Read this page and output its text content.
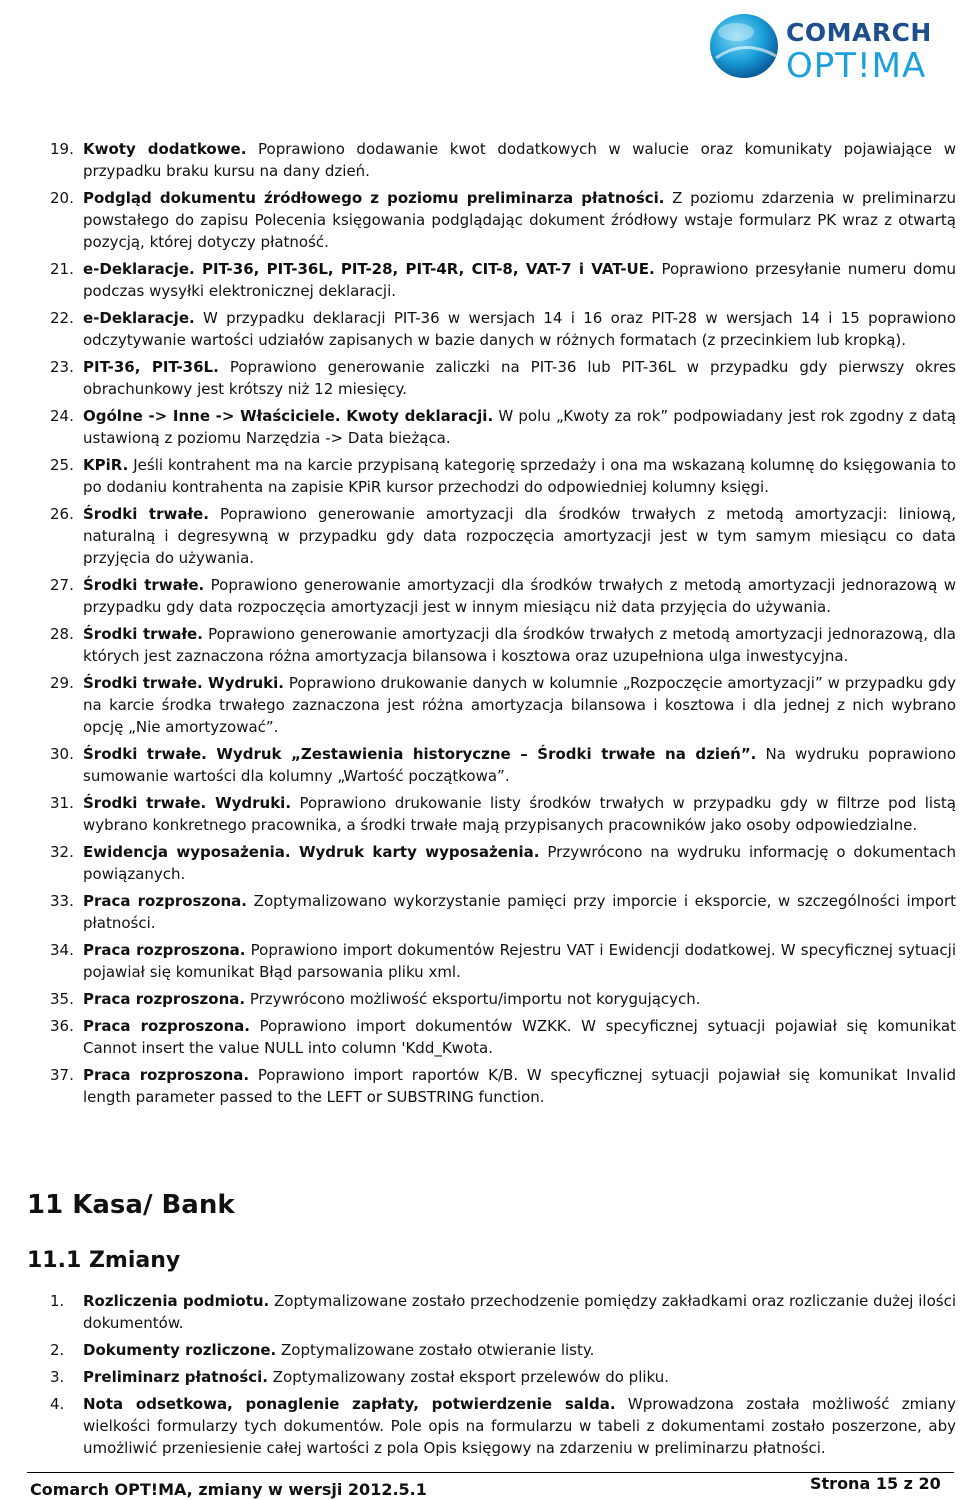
COMARCH
OPT!MA
19. Kwoty dodatkowe. Poprawiono dodawanie kwot dodatkowych w walucie oraz komunikaty pojawiające w przypadku braku kursu na dany dzień.
20. Podgląd dokumentu źródłowego z poziomu preliminarza płatności. Z poziomu zdarzenia w preliminarzu powstałego do zapisu Polecenia księgowania podglądając dokument źródłowy wstaje formularz PK wraz z otwartą pozycją, której dotyczy płatność.
21. e-Deklaracje. PIT-36, PIT-36L, PIT-28, PIT-4R, CIT-8, VAT-7 i VAT-UE. Poprawiono przesyłanie numeru domu podczas wysyłki elektronicznej deklaracji.
22. e-Deklaracje. W przypadku deklaracji PIT-36 w wersjach 14 i 16 oraz PIT-28 w wersjach 14 i 15 poprawiono odczytywanie wartości udziałów zapisanych w bazie danych w różnych formatach (z przecinkiem lub kropką).
23. PIT-36, PIT-36L. Poprawiono generowanie zaliczki na PIT-36 lub PIT-36L w przypadku gdy pierwszy okres obrachunkowy jest krótszy niż 12 miesięcy.
24. Ogólne -> Inne -> Właściciele. Kwoty deklaracji. W polu „Kwoty za rok” podpowiadany jest rok zgodny z datą ustawioną z poziomu Narzędzia -> Data bieżąca.
25. KPiR. Jeśli kontrahent ma na karcie przypisaną kategorię sprzedaży i ona ma wskazaną kolumnę do księgowania to po dodaniu kontrahenta na zapisie KPiR kursor przechodzi do odpowiedniej kolumny księgi.
26. Środki trwałe. Poprawiono generowanie amortyzacji dla środków trwałych z metodą amortyzacji: liniową, naturalną i degresywną w przypadku gdy data rozpoczęcia amortyzacji jest w tym samym miesiącu co data przyjęcia do używania.
27. Środki trwałe. Poprawiono generowanie amortyzacji dla środków trwałych z metodą amortyzacji jednorazową w przypadku gdy data rozpoczęcia amortyzacji jest w innym miesiącu niż data przyjęcia do używania.
28. Środki trwałe. Poprawiono generowanie amortyzacji dla środków trwałych z metodą amortyzacji jednorazową, dla których jest zaznaczona różna amortyzacja bilansowa i kosztowa oraz uzupełniona ulga inwestycyjna.
29. Środki trwałe. Wydruki. Poprawiono drukowanie danych w kolumnie „Rozpoczęcie amortyzacji” w przypadku gdy na karcie środka trwałego zaznaczona jest różna amortyzacja bilansowa i kosztowa i dla jednej z nich wybrano opcję „Nie amortyzować”.
30. Środki trwałe. Wydruk „Zestawienia historyczne – Środki trwałe na dzień”. Na wydruku poprawiono sumowanie wartości dla kolumny „Wartość początkowa”.
31. Środki trwałe. Wydruki. Poprawiono drukowanie listy środków trwałych w przypadku gdy w filtrze pod listą wybrano konkretnego pracownika, a środki trwałe mają przypisanych pracowników jako osoby odpowiedzialne.
32. Ewidencja wyposażenia. Wydruk karty wyposażenia. Przywrócono na wydruku informację o dokumentach powiązanych.
33. Praca rozproszona. Zoptymalizowano wykorzystanie pamięci przy imporcie i eksporcie, w szczególności import płatności.
34. Praca rozproszona. Poprawiono import dokumentów Rejestru VAT i Ewidencji dodatkowej. W specyficznej sytuacji pojawiał się komunikat Błąd parsowania pliku xml.
35. Praca rozproszona. Przywrócono możliwość eksportu/importu not korygujących.
36. Praca rozproszona. Poprawiono import dokumentów WZKK. W specyficznej sytuacji pojawiał się komunikat Cannot insert the value NULL into column 'Kdd_Kwota.
37. Praca rozproszona. Poprawiono import raportów K/B. W specyficznej sytuacji pojawiał się komunikat Invalid length parameter passed to the LEFT or SUBSTRING function.
11 Kasa/ Bank
11.1 Zmiany
1. Rozliczenia podmiotu. Zoptymalizowane zostało przechodzenie pomiędzy zakładkami oraz rozliczanie dużej ilości dokumentów.
2. Dokumenty rozliczone. Zoptymalizowane zostało otwieranie listy.
3. Preliminarz płatności. Zoptymalizowany został eksport przelewów do pliku.
4. Nota odsetkowa, ponaglenie zapłaty, potwierdzenie salda. Wprowadzona została możliwość zmiany wielkości formularzy tych dokumentów. Pole opis na formularzu w tabeli z dokumentami zostało poszerzone, aby umożliwić przeniesienie całej wartości z pola Opis księgowy na zdarzeniu w preliminarzu płatności.
Comarch OPT!MA, zmiany w wersji 2012.5.1	Strona 15 z 20
